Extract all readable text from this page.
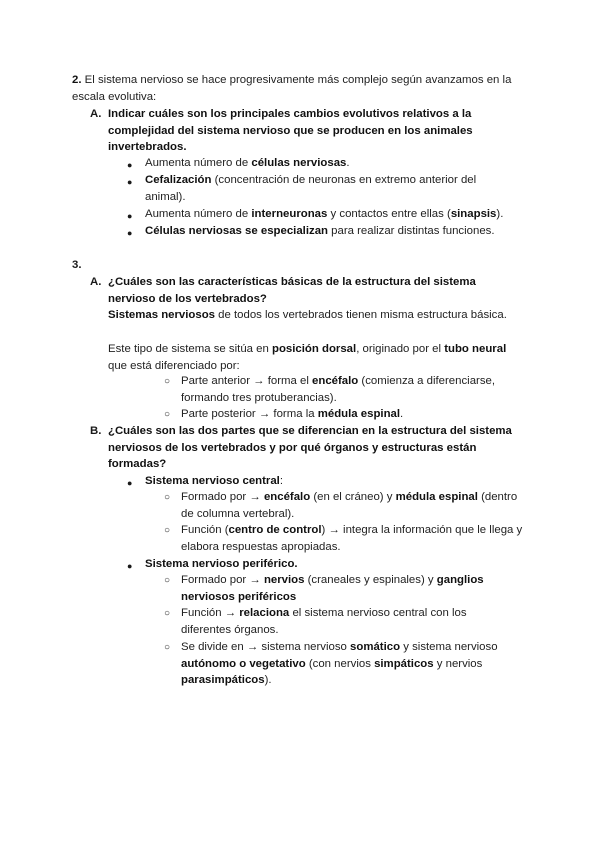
2. El sistema nervioso se hace progresivamente más complejo según avanzamos en la escala evolutiva:
A. Indicar cuáles son los principales cambios evolutivos relativos a la complejidad del sistema nervioso que se producen en los animales invertebrados.
● Aumenta número de células nerviosas.
● Cefalización (concentración de neuronas en extremo anterior del animal).
● Aumenta número de interneuronas y contactos entre ellas (sinapsis).
● Células nerviosas se especializan para realizar distintas funciones.
3.
A. ¿Cuáles son las características básicas de la estructura del sistema nervioso de los vertebrados?
Sistemas nerviosos de todos los vertebrados tienen misma estructura básica.
Este tipo de sistema se sitúa en posición dorsal, originado por el tubo neural que está diferenciado por:
○ Parte anterior → forma el encéfalo (comienza a diferenciarse, formando tres protuberancias).
○ Parte posterior → forma la médula espinal.
B. ¿Cuáles son las dos partes que se diferencian en la estructura del sistema nerviosos de los vertebrados y por qué órganos y estructuras están formadas?
● Sistema nervioso central:
○ Formado por → encéfalo (en el cráneo) y médula espinal (dentro de columna vertebral).
○ Función (centro de control) → integra la información que le llega y elabora respuestas apropiadas.
● Sistema nervioso periférico.
○ Formado por → nervios (craneales y espinales) y ganglios nerviosos periféricos
○ Función → relaciona el sistema nervioso central con los diferentes órganos.
○ Se divide en → sistema nervioso somático y sistema nervioso autónomo o vegetativo (con nervios simpáticos y nervios parasimpáticos).
